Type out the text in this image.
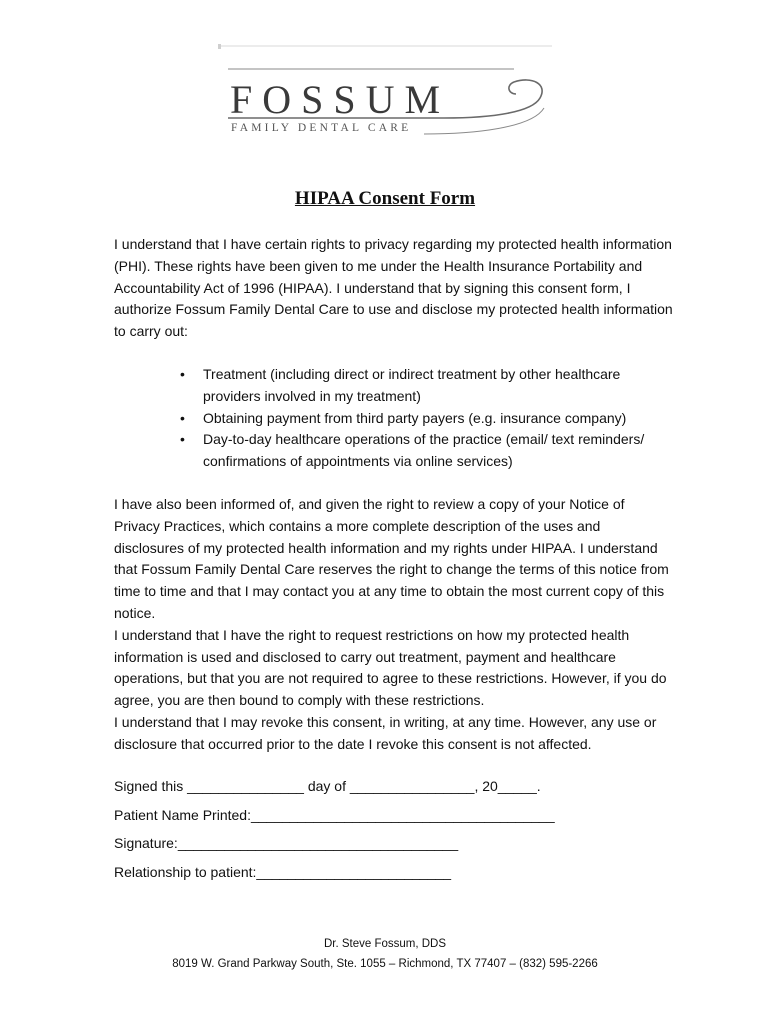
FOSSUM
FAMILY DENTAL CARE
HIPAA Consent Form

I understand that I have certain rights to privacy regarding my protected health information (PHI). These rights have been given to me under the Health Insurance Portability and Accountability Act of 1996 (HIPAA). I understand that by signing this consent form, I authorize Fossum Family Dental Care to use and disclose my protected health information to carry out:

• Treatment (including direct or indirect treatment by other healthcare providers involved in my treatment)
• Obtaining payment from third party payers (e.g. insurance company)
• Day-to-day healthcare operations of the practice (email/ text reminders/ confirmations of appointments via online services)

I have also been informed of, and given the right to review a copy of your Notice of Privacy Practices, which contains a more complete description of the uses and disclosures of my protected health information and my rights under HIPAA. I understand that Fossum Family Dental Care reserves the right to change the terms of this notice from time to time and that I may contact you at any time to obtain the most current copy of this notice.

I understand that I have the right to request restrictions on how my protected health information is used and disclosed to carry out treatment, payment and healthcare operations, but that you are not required to agree to these restrictions. However, if you do agree, you are then bound to comply with these restrictions.

I understand that I may revoke this consent, in writing, at any time. However, any use or disclosure that occurred prior to the date I revoke this consent is not affected.

Signed this _______________ day of ________________, 20_____.
Patient Name Printed:_______________________________________
Signature:____________________________________
Relationship to patient:_________________________
Dr. Steve Fossum, DDS
8019 W. Grand Parkway South, Ste. 1055 – Richmond, TX 77407 – (832) 595-2266
